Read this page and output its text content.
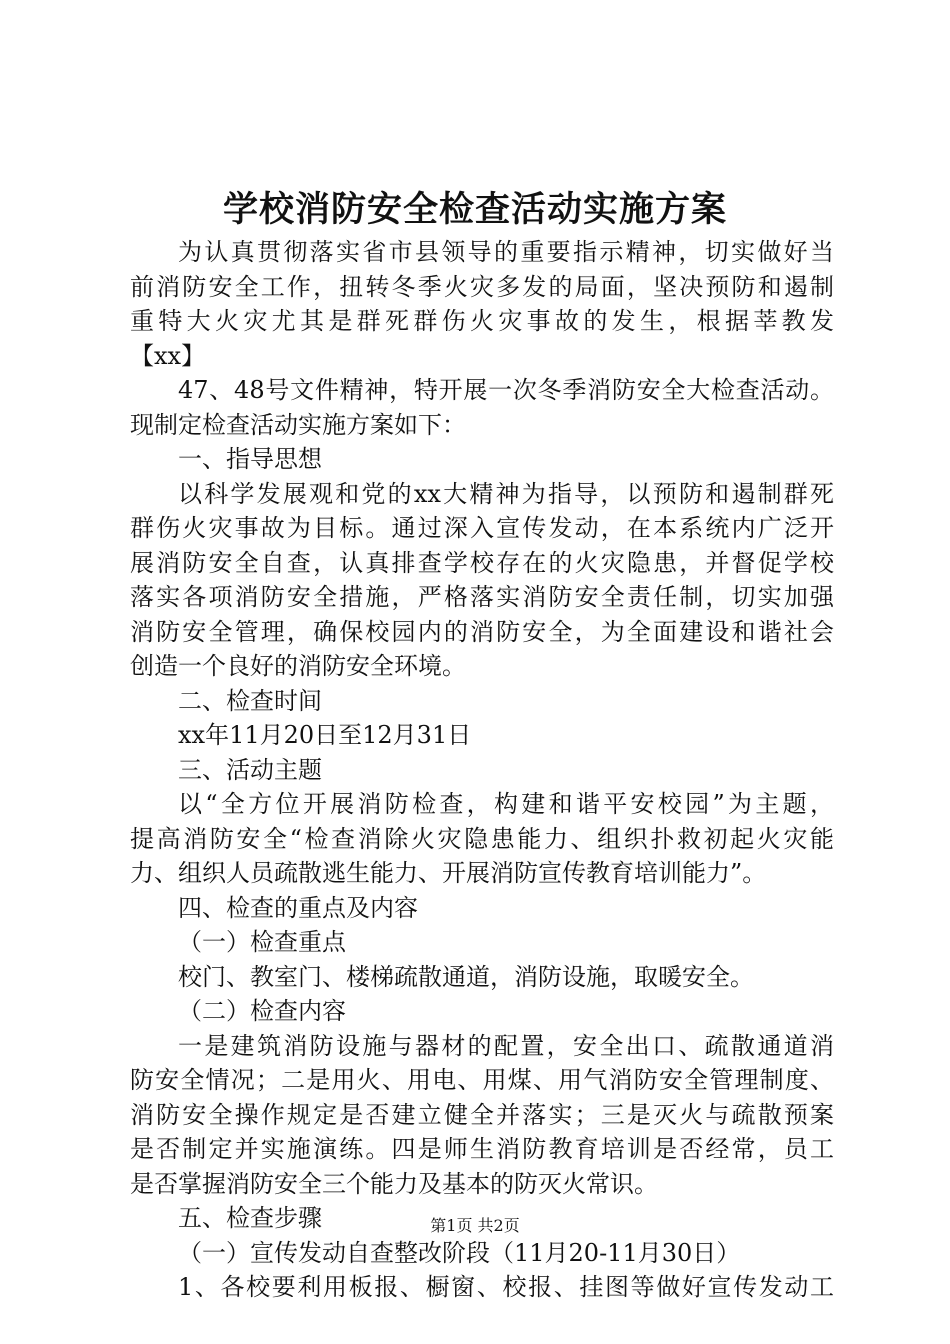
学校消防安全检查活动实施方案
为认真贯彻落实省市县领导的重要指示精神，切实做好当
前消防安全工作，扭转冬季火灾多发的局面，坚决预防和遏制
重特大火灾尤其是群死群伤火灾事故的发生，根据莘教发
【xx】
47、48号文件精神，特开展一次冬季消防安全大检查活动。
现制定检查活动实施方案如下：
一、指导思想
以科学发展观和党的xx大精神为指导，以预防和遏制群死
群伤火灾事故为目标。通过深入宣传发动，在本系统内广泛开
展消防安全自查，认真排查学校存在的火灾隐患，并督促学校
落实各项消防安全措施，严格落实消防安全责任制，切实加强
消防安全管理，确保校园内的消防安全，为全面建设和谐社会
创造一个良好的消防安全环境。
二、检查时间
xx年11月20日至12月31日
三、活动主题
以“全方位开展消防检查，构建和谐平安校园”为主题，
提高消防安全“检查消除火灾隐患能力、组织扑救初起火灾能
力、组织人员疏散逃生能力、开展消防宣传教育培训能力”。
四、检查的重点及内容
（一）检查重点
校门、教室门、楼梯疏散通道，消防设施，取暖安全。
（二）检查内容
一是建筑消防设施与器材的配置，安全出口、疏散通道消
防安全情况；二是用火、用电、用煤、用气消防安全管理制度、
消防安全操作规定是否建立健全并落实；三是灭火与疏散预案
是否制定并实施演练。四是师生消防教育培训是否经常，员工
是否掌握消防安全三个能力及基本的防灭火常识。
五、检查步骤
（一）宣传发动自查整改阶段（11月20-11月30日）
1、各校要利用板报、橱窗、校报、挂图等做好宣传发动工
第1页 共2页
